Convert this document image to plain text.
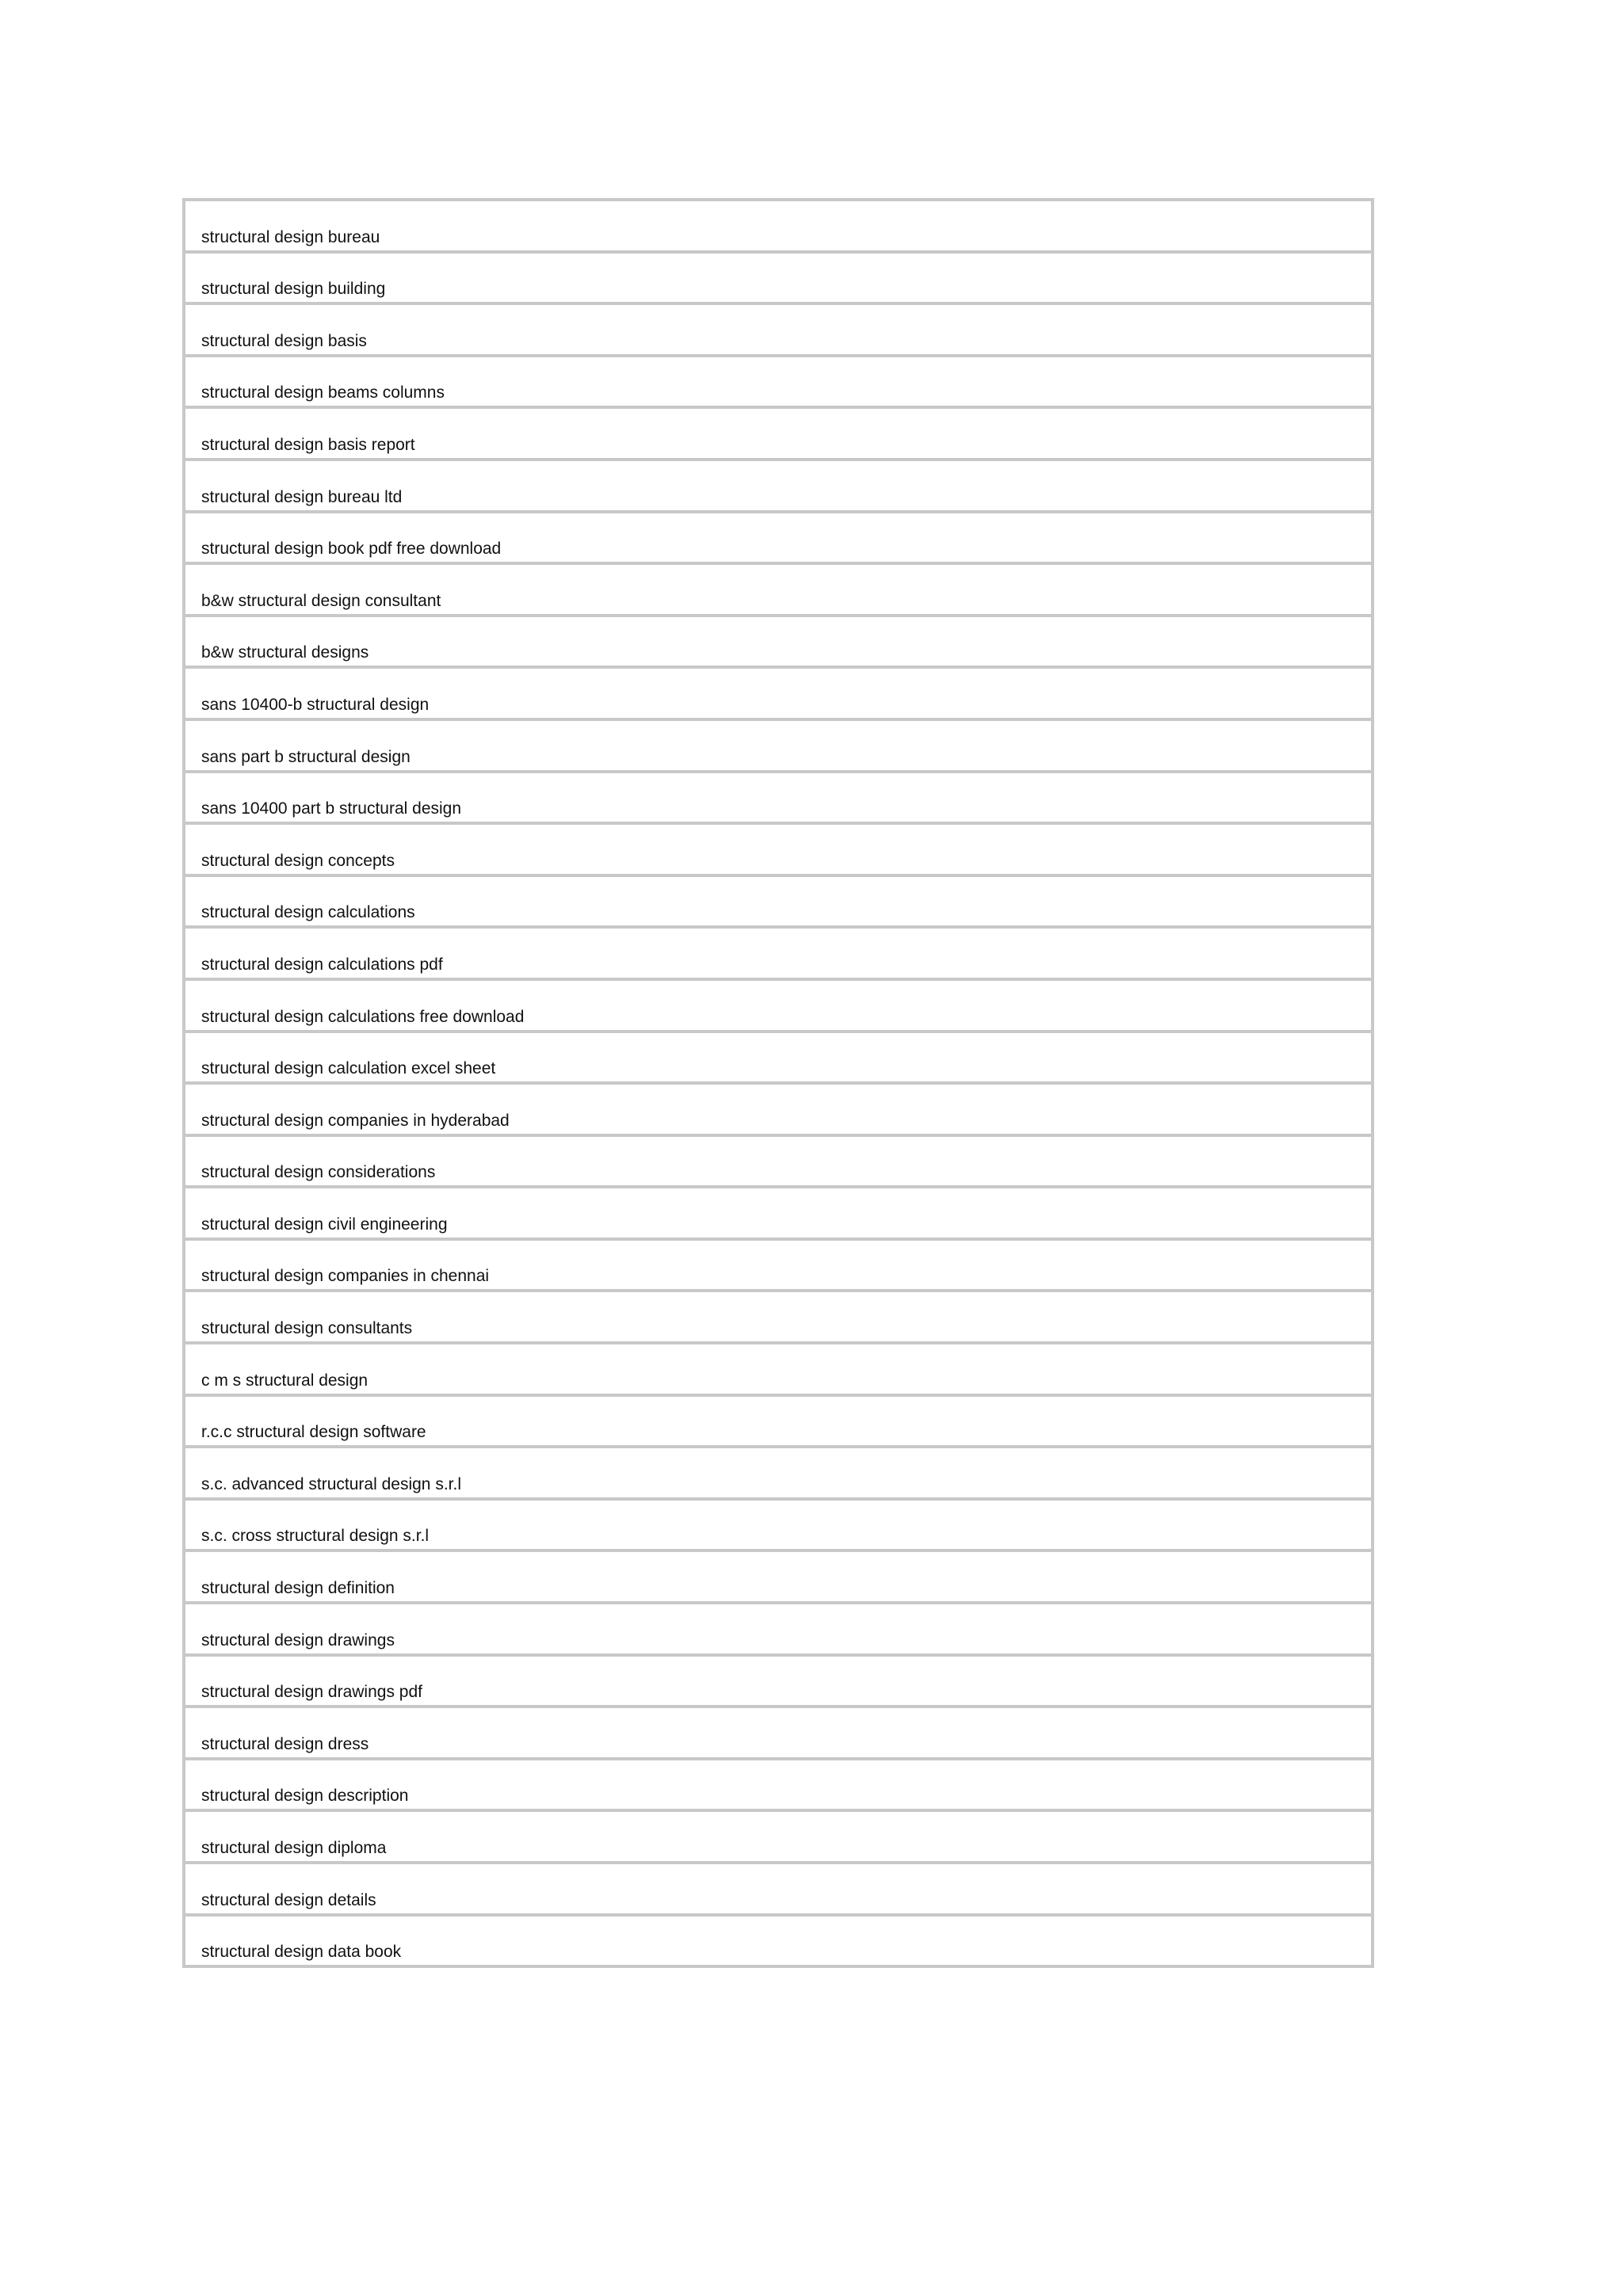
structural design bureau
structural design building
structural design basis
structural design beams columns
structural design basis report
structural design bureau ltd
structural design book pdf free download
b&w structural design consultant
b&w structural designs
sans 10400-b structural design
sans part b structural design
sans 10400 part b structural design
structural design concepts
structural design calculations
structural design calculations pdf
structural design calculations free download
structural design calculation excel sheet
structural design companies in hyderabad
structural design considerations
structural design civil engineering
structural design companies in chennai
structural design consultants
c m s structural design
r.c.c structural design software
s.c. advanced structural design s.r.l
s.c. cross structural design s.r.l
structural design definition
structural design drawings
structural design drawings pdf
structural design dress
structural design description
structural design diploma
structural design details
structural design data book
